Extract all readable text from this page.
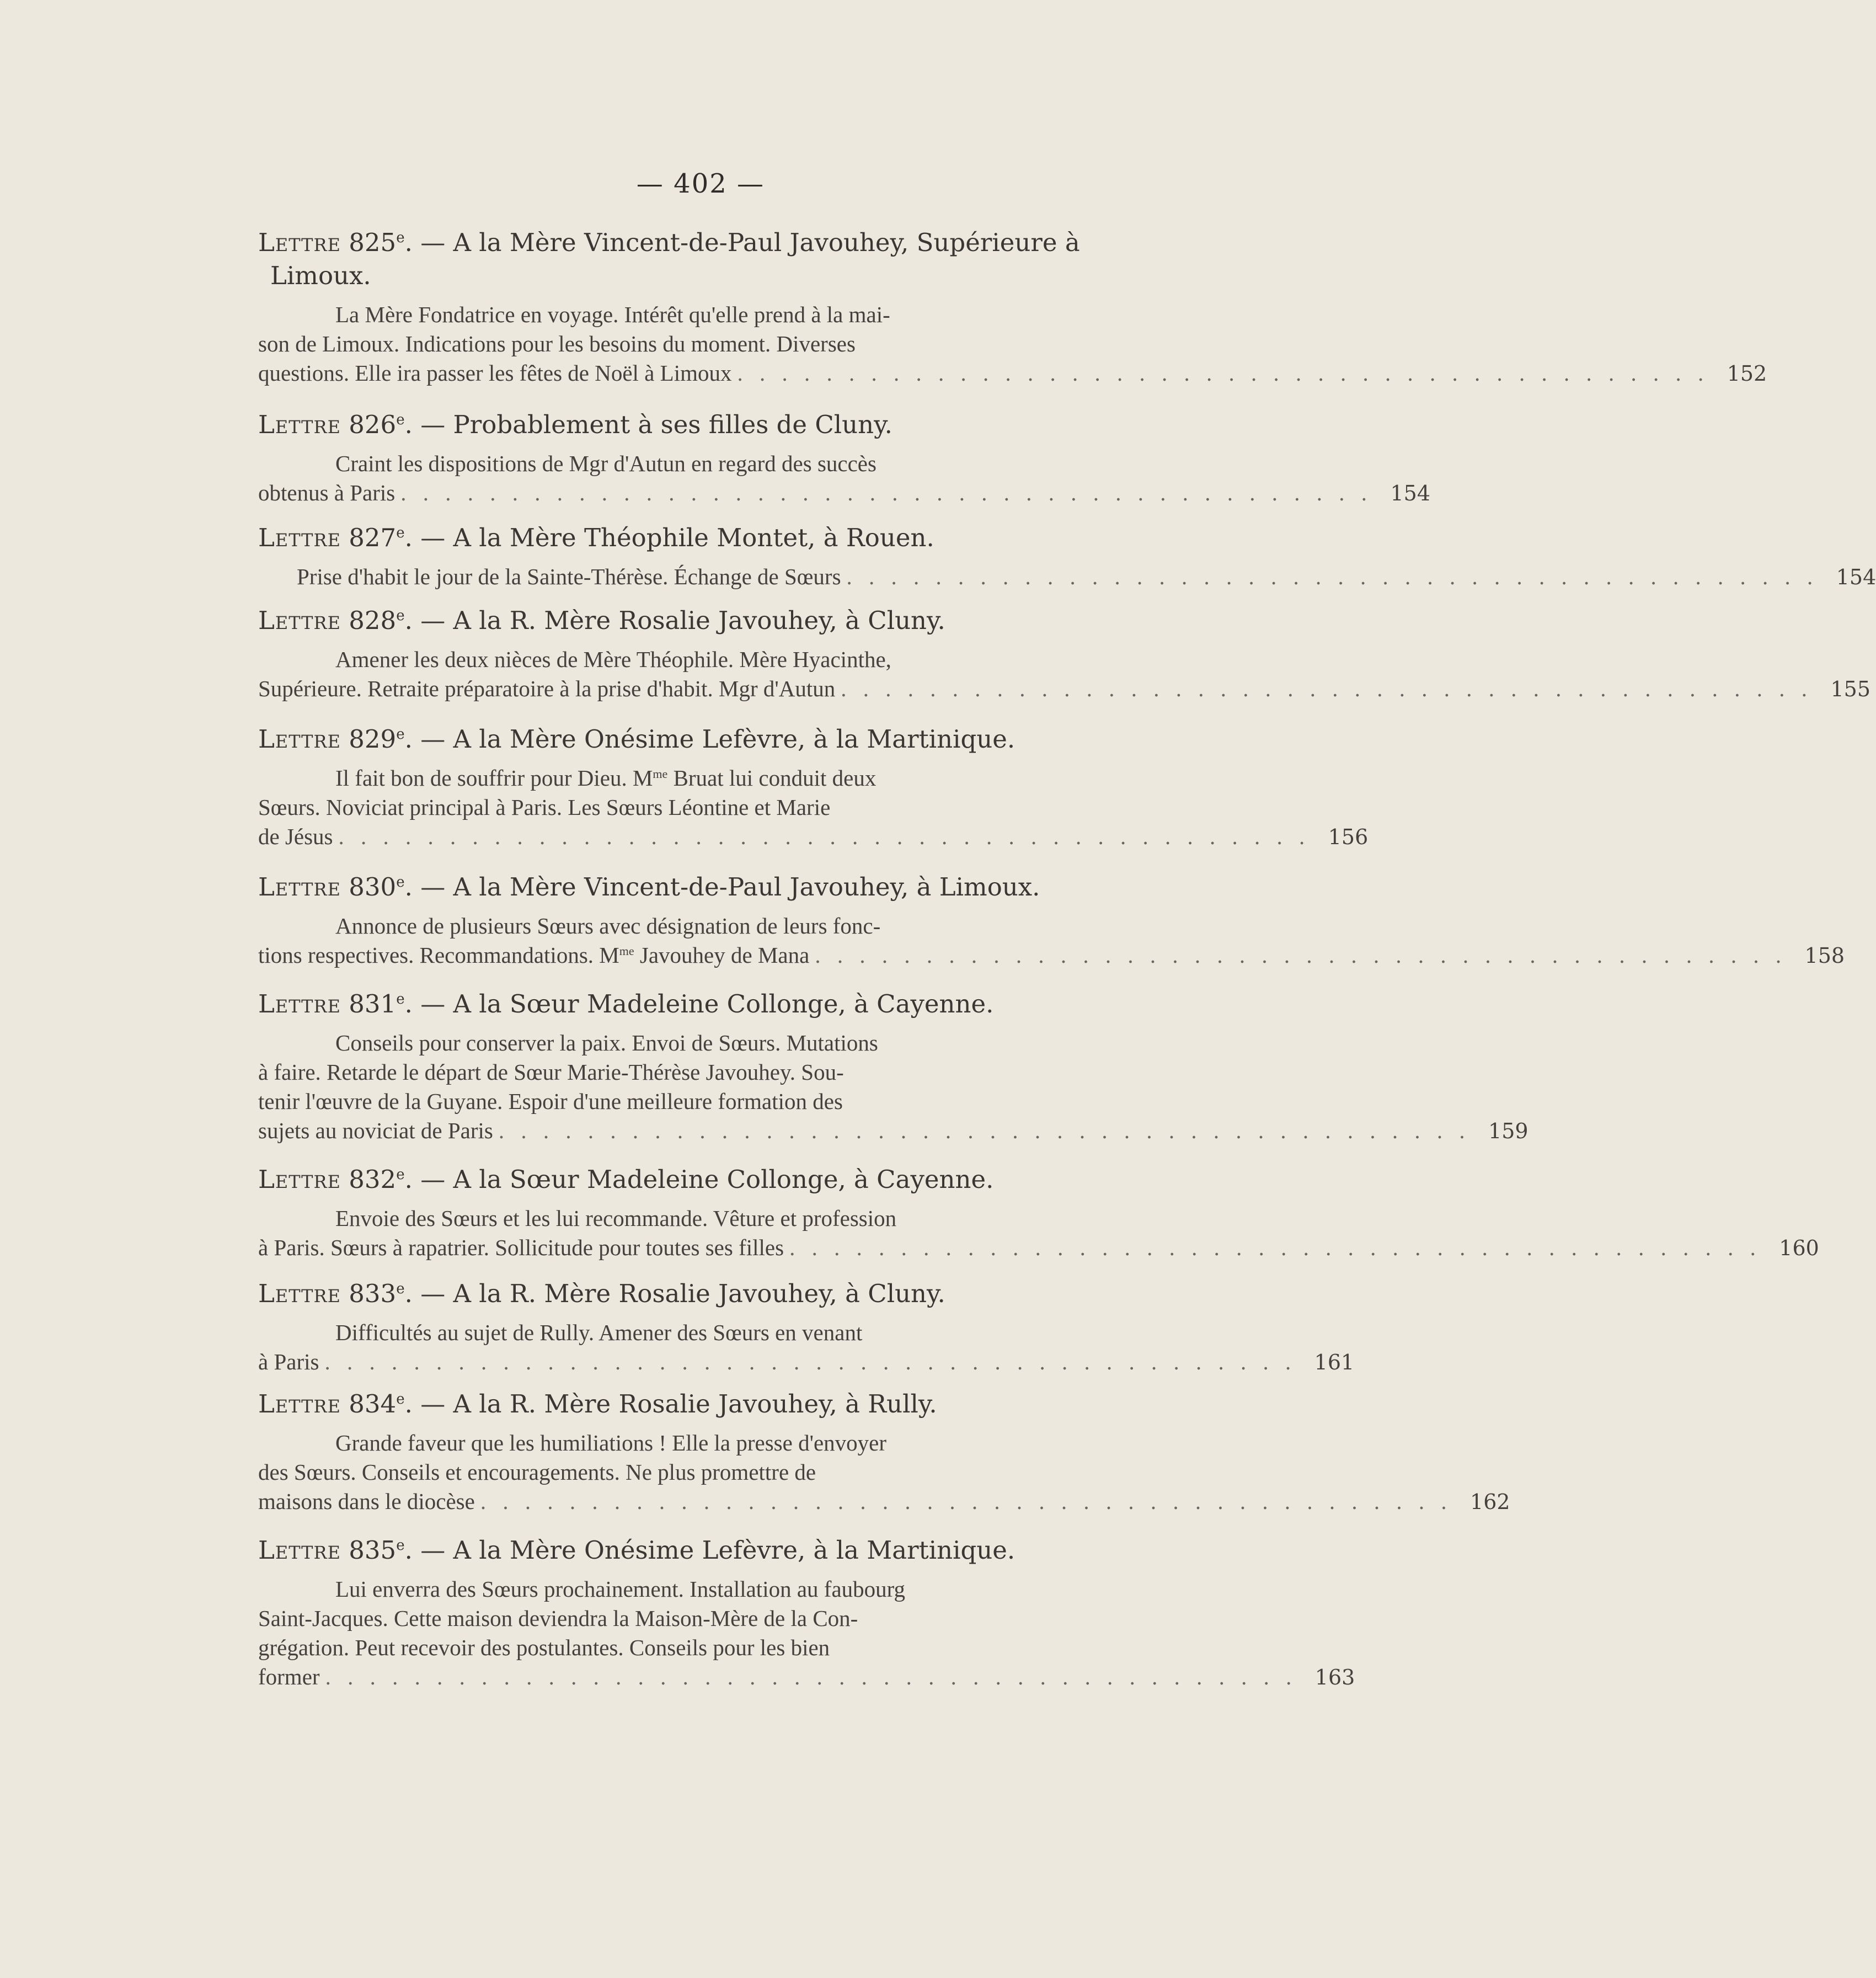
— 402 —
Lettre 825e. — A la Mère Vincent-de-Paul Javouhey, Supérieure à Limoux.
La Mère Fondatrice en voyage. Intérêt qu'elle prend à la mai-
son de Limoux. Indications pour les besoins du moment. Diverses
questions. Elle ira passer les fêtes de Noël à Limoux . . . . . . . . . . . . . . . . . . . . . . . . . . . . . . . . . . . . . . . . . . . . 152
Lettre 826e. — Probablement à ses filles de Cluny.
Craint les dispositions de Mgr d'Autun en regard des succès
obtenus à Paris . . . . . . . . . . . . . . . . . . . . . . . . . . . . . . . . . . . . . . . . . . . . 154
Lettre 827e. — A la Mère Théophile Montet, à Rouen.
Prise d'habit le jour de la Sainte-Thérèse. Échange de Sœurs . . . . . . . . . . . . . . . . . . . . . . . . . . . . . . . . . . . . . . . . . . . . 154
Lettre 828e. — A la R. Mère Rosalie Javouhey, à Cluny.
Amener les deux nièces de Mère Théophile. Mère Hyacinthe,
Supérieure. Retraite préparatoire à la prise d'habit. Mgr d'Autun . . . . . . . . . . . . . . . . . . . . . . . . . . . . . . . . . . . . . . . . . . . . 155
Lettre 829e. — A la Mère Onésime Lefèvre, à la Martinique.
Il fait bon de souffrir pour Dieu. $M^{me}$ Bruat lui conduit deux
Sœurs. Noviciat principal à Paris. Les Sœurs Léontine et Marie
de Jésus . . . . . . . . . . . . . . . . . . . . . . . . . . . . . . . . . . . . . . . . . . . . 156
Lettre 830e. — A la Mère Vincent-de-Paul Javouhey, à Limoux.
Annonce de plusieurs Sœurs avec désignation de leurs fonc-
tions respectives. Recommandations. $M^{me}$ Javouhey de Mana . . . . . . . . . . . . . . . . . . . . . . . . . . . . . . . . . . . . . . . . . . . . 158
Lettre 831e. — A la Sœur Madeleine Collonge, à Cayenne.
Conseils pour conserver la paix. Envoi de Sœurs. Mutations
à faire. Retarde le départ de Sœur Marie-Thérèse Javouhey. Sou-
tenir l'œuvre de la Guyane. Espoir d'une meilleure formation des
sujets au noviciat de Paris . . . . . . . . . . . . . . . . . . . . . . . . . . . . . . . . . . . . . . . . . . . . 159
Lettre 832e. — A la Sœur Madeleine Collonge, à Cayenne.
Envoie des Sœurs et les lui recommande. Vêture et profession
à Paris. Sœurs à rapatrier. Sollicitude pour toutes ses filles . . . . . . . . . . . . . . . . . . . . . . . . . . . . . . . . . . . . . . . . . . . . 160
Lettre 833e. — A la R. Mère Rosalie Javouhey, à Cluny.
Difficultés au sujet de Rully. Amener des Sœurs en venant
à Paris . . . . . . . . . . . . . . . . . . . . . . . . . . . . . . . . . . . . . . . . . . . . 161
Lettre 834e. — A la R. Mère Rosalie Javouhey, à Rully.
Grande faveur que les humiliations ! Elle la presse d'envoyer
des Sœurs. Conseils et encouragements. Ne plus promettre de
maisons dans le diocèse . . . . . . . . . . . . . . . . . . . . . . . . . . . . . . . . . . . . . . . . . . . . 162
Lettre 835e. — A la Mère Onésime Lefèvre, à la Martinique.
Lui enverra des Sœurs prochainement. Installation au faubourg
Saint-Jacques. Cette maison deviendra la Maison-Mère de la Con-
grégation. Peut recevoir des postulantes. Conseils pour les bien
former . . . . . . . . . . . . . . . . . . . . . . . . . . . . . . . . . . . . . . . . . . . . 163
